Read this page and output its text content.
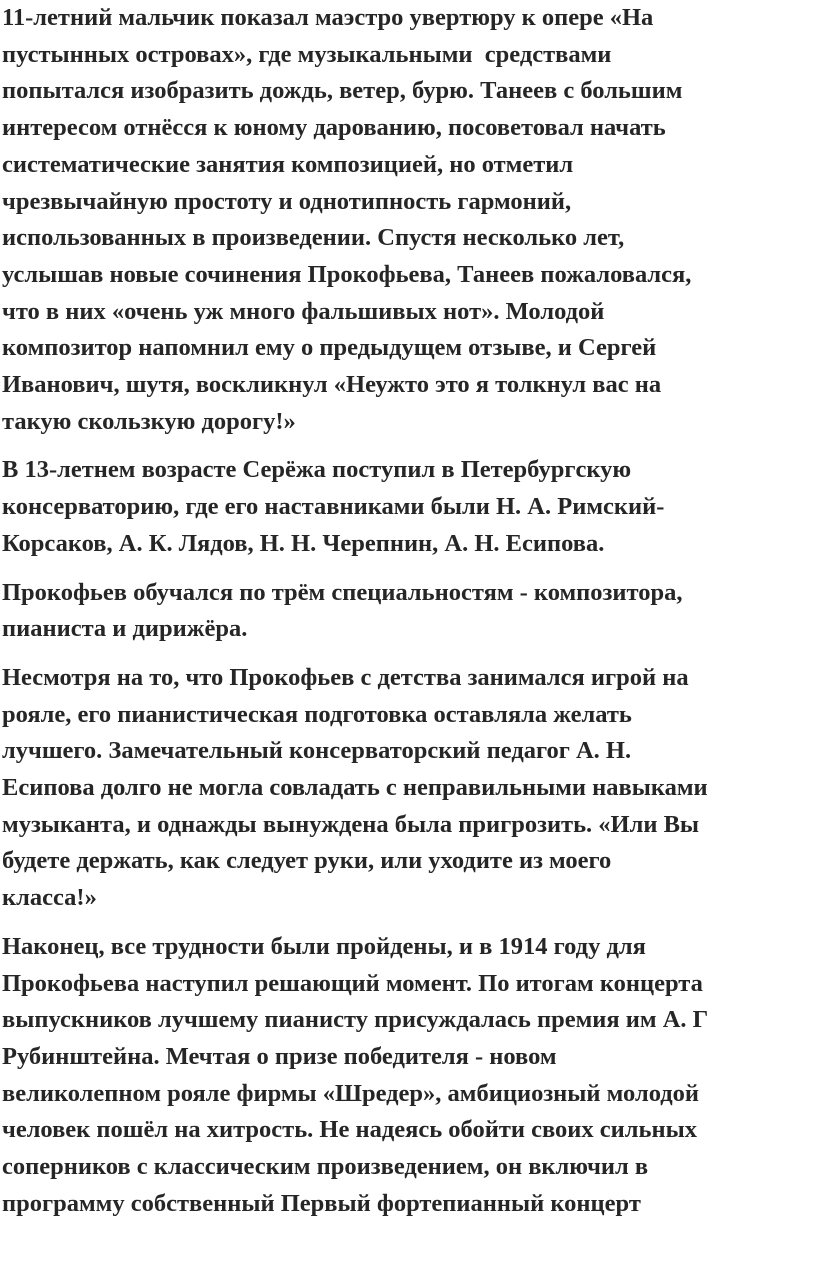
11-летний мальчик показал маэстро увертюру к опере «На
пустынных островах», где музыкальными  средствами
попытался изобразить дождь, ветер, бурю. Танеев с большим
интересом отнёсся к юному дарованию, посоветовал начать
систематические занятия композицией, но отметил
чрезвычайную простоту и однотипность гармоний,
использованных в произведении. Спустя несколько лет,
услышав новые сочинения Прокофьева, Танеев пожаловался,
что в них «очень уж много фальшивых нот». Молодой
композитор напомнил ему о предыдущем отзыве, и Сергей
Иванович, шутя, воскликнул «Неужто это я толкнул вас на
такую скользкую дорогу!»
В 13-летнем возрасте Серёжа поступил в Петербургскую
консерваторию, где его наставниками были Н. А. Римский-
Корсаков, А. К. Лядов, Н. Н. Черепнин, А. Н. Есипова.
Прокофьев обучался по трём специальностям - композитора,
пианиста и дирижёра.
Несмотря на то, что Прокофьев с детства занимался игрой на
рояле, его пианистическая подготовка оставляла желать
лучшего. Замечательный консерваторский педагог А. Н.
Есипова долго не могла совладать с неправильными навыками
музыканта, и однажды вынуждена была пригрозить. «Или Вы
будете держать, как следует руки, или уходите из моего
класса!»
Наконец, все трудности были пройдены, и в 1914 году для
Прокофьева наступил решающий момент. По итогам концерта
выпускников лучшему пианисту присуждалась премия им А. Г
Рубинштейна. Мечтая о призе победителя - новом
великолепном рояле фирмы «Шредер», амбициозный молодой
человек пошёл на хитрость. Не надеясь обойти своих сильных
соперников с классическим произведением, он включил в
программу собственный Первый фортепианный концерт
